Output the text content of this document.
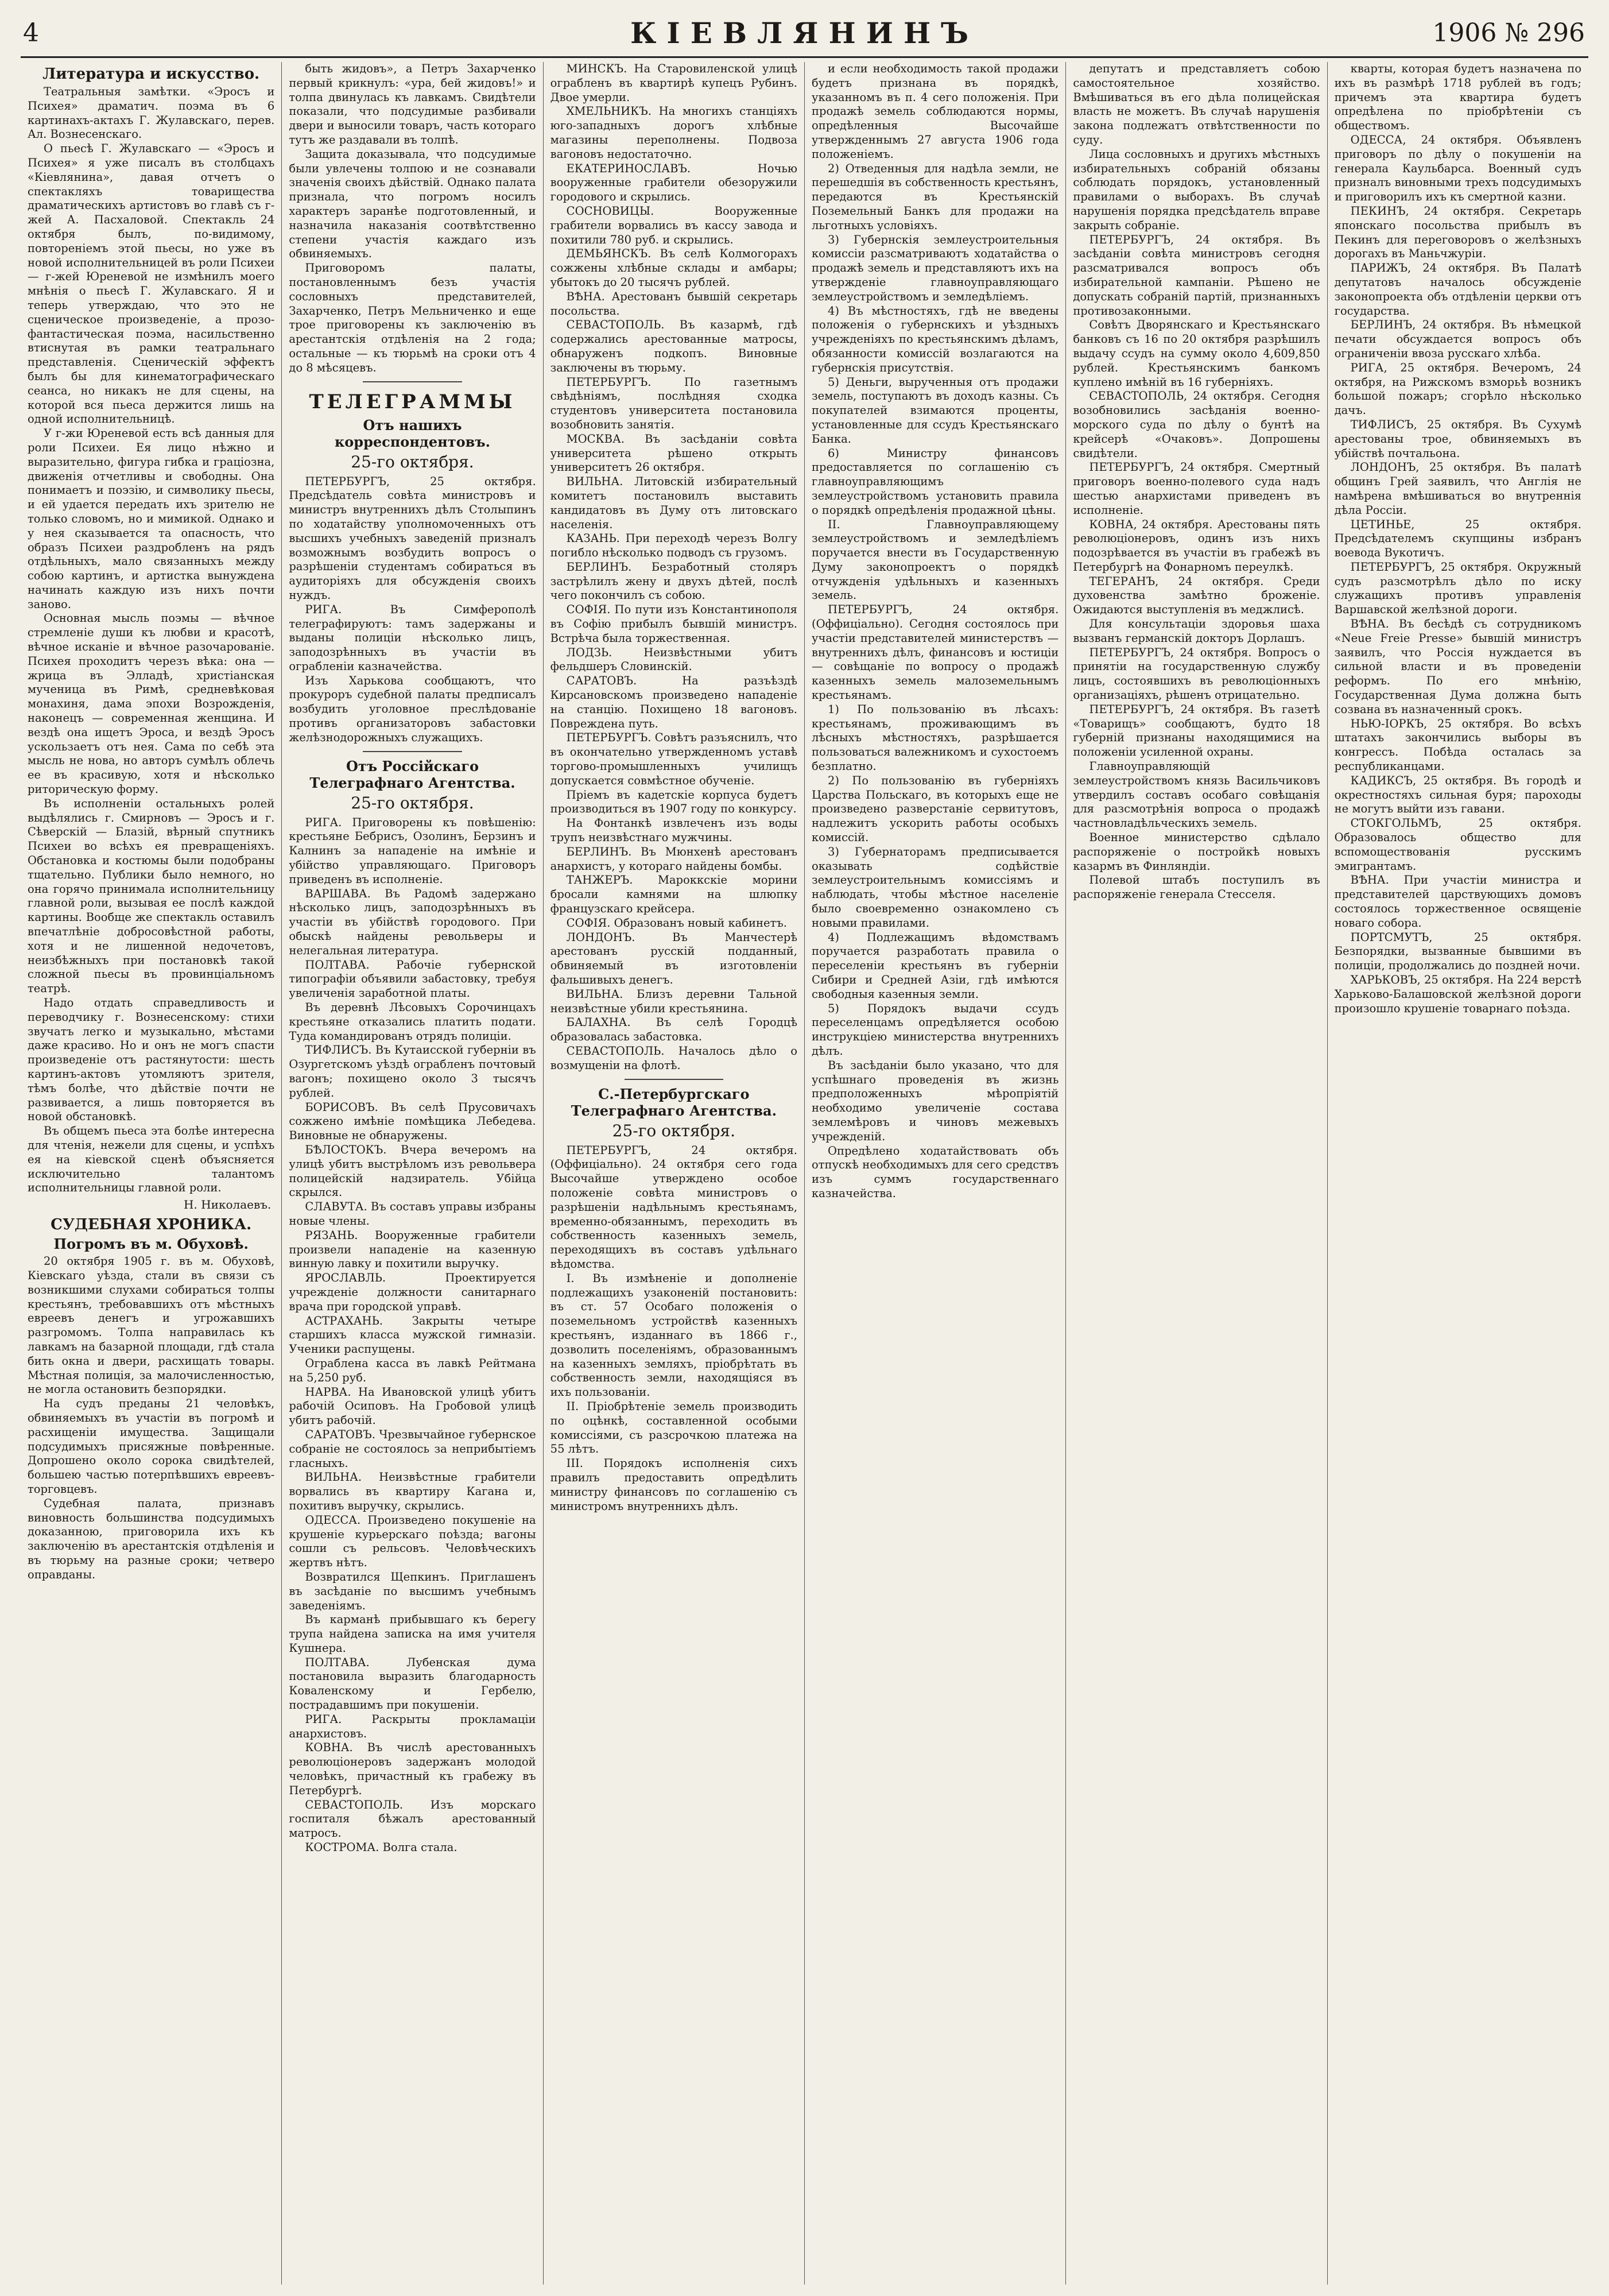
4	КІЕВЛЯНИНЪ	1906 № 296
Литература и искусство.

Театральныя замѣтки. «Эросъ и Психея» драматич. поэма въ 6 картинахъ-актахъ Г. Жулавскаго, перев. Ал. Вознесенскаго.

О пьесѣ Г. Жулавскаго — «Эросъ и Психея» я уже писалъ въ столбцахъ «Кіевлянина», давая отчетъ о спектакляхъ товарищества драматическихъ артистовъ во главѣ съ г-жей А. Пасхаловой. Спектакль 24 октября былъ, по-видимому, повтореніемъ этой пьесы, но уже въ новой исполнительницей въ роли Психеи — г-жей Юреневой не измѣнилъ моего мнѣнія о пьесѣ Г. Жулавскаго. Я и теперь утверждаю, что это не сценическое произведеніе, а прозо-фантастическая поэма, насильственно втиснутая въ рамки театральнаго представленія. Сценическій эффектъ былъ бы для кинематографическаго сеанса, но никакъ не для сцены, на которой вся пьеса держится лишь на одной исполнительницѣ.

У г-жи Юреневой есть всѣ данныя для роли Психеи. Ея лицо нѣжно и выразительно, фигура гибка и граціозна, движенія отчетливы и свободны. Она понимаетъ и поэзію, и символику пьесы, и ей удается передать ихъ зрителю не только словомъ, но и мимикой. Однако и у нея сказывается та опасность, что образъ Психеи раздробленъ на рядъ отдѣльныхъ, мало связанныхъ между собою картинъ, и артистка вынуждена начинать каждую изъ нихъ почти заново.

Основная мысль поэмы — вѣчное стремленіе души къ любви и красотѣ, вѣчное исканіе и вѣчное разочарованіе. Психея проходитъ черезъ вѣка: она — жрица въ Элладѣ, христіанская мученица въ Римѣ, средневѣковая монахиня, дама эпохи Возрожденія, наконецъ — современная женщина. И вездѣ она ищетъ Эроса, и вездѣ Эросъ ускользаетъ отъ нея. Сама по себѣ эта мысль не нова, но авторъ сумѣлъ облечь ее въ красивую, хотя и нѣсколько риторическую форму.

Въ исполненіи остальныхъ ролей выдѣлялись г. Смирновъ — Эросъ и г. Сѣверскій — Блазій, вѣрный спутникъ Психеи во всѣхъ ея превращеніяхъ. Обстановка и костюмы были подобраны тщательно. Публики было немного, но она горячо принимала исполнительницу главной роли, вызывая ее послѣ каждой картины. Вообще же спектакль оставилъ впечатлѣніе добросовѣстной работы, хотя и не лишенной недочетовъ, неизбѣжныхъ при постановкѣ такой сложной пьесы въ провинціальномъ театрѣ.

Надо отдать справедливость и переводчику г. Вознесенскому: стихи звучатъ легко и музыкально, мѣстами даже красиво. Но и онъ не могъ спасти произведеніе отъ растянутости: шесть картинъ-актовъ утомляютъ зрителя, тѣмъ болѣе, что дѣйствіе почти не развивается, а лишь повторяется въ новой обстановкѣ.

Въ общемъ пьеса эта болѣе интересна для чтенія, нежели для сцены, и успѣхъ ея на кіевской сценѣ объясняется исключительно талантомъ исполнительницы главной роли.

Н. Николаевъ.
СУДЕБНАЯ ХРОНИКА.
Погромъ въ м. Обуховѣ.

20 октября 1905 г. въ м. Обуховѣ, Кіевскаго уѣзда, стали въ связи съ возникшими слухами собираться толпы крестьянъ, требовавшихъ отъ мѣстныхъ евреевъ денегъ и угрожавшихъ разгромомъ. Толпа направилась къ лавкамъ на базарной площади, гдѣ стала бить окна и двери, расхищать товары. Мѣстная полиція, за малочисленностью, не могла остановить безпорядки.

На судъ преданы 21 человѣкъ, обвиняемыхъ въ участіи въ погромѣ и расхищеніи имущества. Защищали подсудимыхъ присяжные повѣренные. Допрошено около сорока свидѣтелей, большею частью потерпѣвшихъ евреевъ-торговцевъ.

Судебная палата, признавъ виновность большинства подсудимыхъ доказанною, приговорила ихъ къ заключенію въ арестантскія отдѣленія и въ тюрьму на разные сроки; четверо оправданы.

быть жидовъ», а Петръ Захарченко первый крикнулъ: «ура, бей жидовъ!» и толпа двинулась къ лавкамъ. Свидѣтели показали, что подсудимые разбивали двери и выносили товаръ, часть котораго тутъ же раздавали въ толпѣ.

Защита доказывала, что подсудимые были увлечены толпою и не сознавали значенія своихъ дѣйствій. Однако палата признала, что погромъ носилъ характеръ заранѣе подготовленный, и назначила наказанія соотвѣтственно степени участія каждаго изъ обвиняемыхъ.

Приговоромъ палаты, постановленнымъ безъ участія сословныхъ представителей, Захарченко, Петръ Мельниченко и еще трое приговорены къ заключенію въ арестантскія отдѣленія на 2 года; остальные — къ тюрьмѣ на сроки отъ 4 до 8 мѣсяцевъ.

ТЕЛЕГРАММЫ
Отъ нашихъ корреспондентовъ.
25-го октября.

ПЕТЕРБУРГЪ, 25 октября. Предсѣдатель совѣта министровъ и министръ внутреннихъ дѣлъ Столыпинъ по ходатайству уполномоченныхъ отъ высшихъ учебныхъ заведеній призналъ возможнымъ возбудить вопросъ о разрѣшеніи студентамъ собираться въ аудиторіяхъ для обсужденія своихъ нуждъ.

РИГА. Въ Симферополѣ телеграфируютъ: тамъ задержаны и выданы полиціи нѣсколько лицъ, заподозрѣнныхъ въ участіи въ ограбленіи казначейства.

Изъ Харькова сообщаютъ, что прокуроръ судебной палаты предписалъ возбудить уголовное преслѣдованіе противъ организаторовъ забастовки желѣзнодорожныхъ служащихъ.

Отъ Россійскаго Телеграфнаго Агентства.
25-го октября.

РИГА. Приговорены къ повѣшенію: крестьяне Бебрисъ, Озолинъ, Берзинъ и Калнинъ за нападеніе на имѣніе и убійство управляющаго. Приговоръ приведенъ въ исполненіе.

ВАРШАВА. Въ Радомѣ задержано нѣсколько лицъ, заподозрѣнныхъ въ участіи въ убійствѣ городового. При обыскѣ найдены револьверы и нелегальная литература.

ПОЛТАВА. Рабочіе губернской типографіи объявили забастовку, требуя увеличенія заработной платы.

Въ деревнѣ Лѣсовыхъ Сорочинцахъ крестьяне отказались платить подати. Туда командированъ отрядъ полиціи.

ТИФЛИСЪ. Въ Кутаисской губерніи въ Озургетскомъ уѣздѣ ограбленъ почтовый вагонъ; похищено около 3 тысячъ рублей.

БОРИСОВЪ. Въ селѣ Прусовичахъ сожжено имѣніе помѣщика Лебедева. Виновные не обнаружены.

БѢЛОСТОКЪ. Вчера вечеромъ на улицѣ убитъ выстрѣломъ изъ револьвера полицейскій надзиратель. Убійца скрылся.

СЛАВУТА. Въ составъ управы избраны новые члены.

РЯЗАНЬ. Вооруженные грабители произвели нападеніе на казенную винную лавку и похитили выручку.

ЯРОСЛАВЛЬ. Проектируется учрежденіе должности санитарнаго врача при городской управѣ.

АСТРАХАНЬ. Закрыты четыре старшихъ класса мужской гимназіи. Ученики распущены.

Ограблена касса въ лавкѣ Рейтмана на 5,250 руб.

НАРВА. На Ивановской улицѣ убитъ рабочій Осиповъ. На Гробовой улицѣ убитъ рабочій.

САРАТОВЪ. Чрезвычайное губернское собраніе не состоялось за неприбытіемъ гласныхъ.

ВИЛЬНА. Неизвѣстные грабители ворвались въ квартиру Кагана и, похитивъ выручку, скрылись.

ОДЕССА. Произведено покушеніе на крушеніе курьерскаго поѣзда; вагоны сошли съ рельсовъ. Человѣческихъ жертвъ нѣтъ.

Возвратился Щепкинъ. Приглашенъ въ засѣданіе по высшимъ учебнымъ заведеніямъ.

Въ карманѣ прибывшаго къ берегу трупа найдена записка на имя учителя Кушнера.

ПОЛТАВА. Лубенская дума постановила выразить благодарность Коваленскому и Гербелю, пострадавшимъ при покушеніи.

РИГА. Раскрыты прокламаціи анархистовъ.

КОВНА. Въ числѣ арестованныхъ революціонеровъ задержанъ молодой человѣкъ, причастный къ грабежу въ Петербургѣ.

СЕВАСТОПОЛЬ. Изъ морскаго госпиталя бѣжалъ арестованный матросъ.

КОСТРОМА. Волга стала.

МИНСКЪ. На Старовиленской улицѣ ограбленъ въ квартирѣ купецъ Рубинъ. Двое умерли.

ХМЕЛЬНИКЪ. На многихъ станціяхъ юго-западныхъ дорогъ хлѣбные магазины переполнены. Подвоза вагоновъ недостаточно.

ЕКАТЕРИНОСЛАВЪ. Ночью вооруженные грабители обезоружили городового и скрылись.

СОСНОВИЦЫ. Вооруженные грабители ворвались въ кассу завода и похитили 780 руб. и скрылись.

ДЕМЬЯНСКЪ. Въ селѣ Колмогорахъ сожжены хлѣбные склады и амбары; убытокъ до 20 тысячъ рублей.

ВѢНА. Арестованъ бывшій секретарь посольства.

СЕВАСТОПОЛЬ. Въ казармѣ, гдѣ содержались арестованные матросы, обнаруженъ подкопъ. Виновные заключены въ тюрьму.

ПЕТЕРБУРГЪ. По газетнымъ свѣдѣніямъ, послѣдняя сходка студентовъ университета постановила возобновить занятія.

МОСКВА. Въ засѣданіи совѣта университета рѣшено открыть университетъ 26 октября.

ВИЛЬНА. Литовскій избирательный комитетъ постановилъ выставить кандидатовъ въ Думу отъ литовскаго населенія.

КАЗАНЬ. При переходѣ черезъ Волгу погибло нѣсколько подводъ съ грузомъ.

БЕРЛИНЪ. Безработный столяръ застрѣлилъ жену и двухъ дѣтей, послѣ чего покончилъ съ собою.

СОФІЯ. По пути изъ Константинополя въ Софію прибылъ бывшій министръ. Встрѣча была торжественная.

ЛОДЗЬ. Неизвѣстными убитъ фельдшеръ Словинскій.

САРАТОВЪ. На разъѣздѣ Кирсановскомъ произведено нападеніе на станцію. Похищено 18 вагоновъ. Повреждена путь.

ПЕТЕРБУРГЪ. Совѣтъ разъяснилъ, что въ окончательно утвержденномъ уставѣ торгово-промышленныхъ училищъ допускается совмѣстное обученіе.

Пріемъ въ кадетскіе корпуса будетъ производиться въ 1907 году по конкурсу.

На Фонтанкѣ извлеченъ изъ воды трупъ неизвѣстнаго мужчины.

БЕРЛИНЪ. Въ Мюнхенѣ арестованъ анархистъ, у котораго найдены бомбы.

ТАНЖЕРЪ. Мароккскіе морини бросали камнями на шлюпку французскаго крейсера.

СОФІЯ. Образованъ новый кабинетъ.

ЛОНДОНЪ. Въ Манчестерѣ арестованъ русскій подданный, обвиняемый въ изготовленіи фальшивыхъ денегъ.

ВИЛЬНА. Близъ деревни Тальной неизвѣстные убили крестьянина.

БАЛАХНА. Въ селѣ Городцѣ образовалась забастовка.

СЕВАСТОПОЛЬ. Началось дѣло о возмущеніи на флотѣ.

С.-Петербургскаго Телеграфнаго Агентства.
25-го октября.

ПЕТЕРБУРГЪ, 24 октября. (Оффиціально). 24 октября сего года Высочайше утверждено особое положеніе совѣта министровъ о разрѣшеніи надѣльнымъ крестьянамъ, временно-обязаннымъ, переходить въ собственность казенныхъ земель, переходящихъ въ составъ удѣльнаго вѣдомства.

I. Въ измѣненіе и дополненіе подлежащихъ узаконеній постановить: въ ст. 57 Особаго положенія о поземельномъ устройствѣ казенныхъ крестьянъ, изданнаго въ 1866 г., дозволить поселеніямъ, образованнымъ на казенныхъ земляхъ, пріобрѣтать въ собственность земли, находящіяся въ ихъ пользованіи.

II. Пріобрѣтеніе земель производить по оцѣнкѣ, составленной особыми комиссіями, съ разсрочкою платежа на 55 лѣтъ.

III. Порядокъ исполненія сихъ правилъ предоставить опредѣлить министру финансовъ по соглашенію съ министромъ внутреннихъ дѣлъ.

и если необходимость такой продажи будетъ признана въ порядкѣ, указанномъ въ п. 4 сего положенія. При продажѣ земель соблюдаются нормы, опредѣленныя Высочайше утвержденнымъ 27 августа 1906 года положеніемъ.

2) Отведенныя для надѣла земли, не перешедшія въ собственность крестьянъ, передаются въ Крестьянскій Поземельный Банкъ для продажи на льготныхъ условіяхъ.

3) Губернскія землеустроительныя комиссіи разсматриваютъ ходатайства о продажѣ земель и представляютъ ихъ на утвержденіе главноуправляющаго землеустройствомъ и земледѣліемъ.

4) Въ мѣстностяхъ, гдѣ не введены положенія о губернскихъ и уѣздныхъ учрежденіяхъ по крестьянскимъ дѣламъ, обязанности комиссій возлагаются на губернскія присутствія.

5) Деньги, вырученныя отъ продажи земель, поступаютъ въ доходъ казны. Съ покупателей взимаются проценты, установленные для ссудъ Крестьянскаго Банка.

6) Министру финансовъ предоставляется по соглашенію съ главноуправляющимъ землеустройствомъ установить правила о порядкѣ опредѣленія продажной цѣны.

II. Главноуправляющему землеустройствомъ и земледѣліемъ поручается внести въ Государственную Думу законопроектъ о порядкѣ отчужденія удѣльныхъ и казенныхъ земель.

ПЕТЕРБУРГЪ, 24 октября. (Оффиціально). Сегодня состоялось при участіи представителей министерствъ — внутреннихъ дѣлъ, финансовъ и юстиціи — совѣщаніе по вопросу о продажѣ казенныхъ земель малоземельнымъ крестьянамъ.

1) По пользованію въ лѣсахъ: крестьянамъ, проживающимъ въ лѣсныхъ мѣстностяхъ, разрѣшается пользоваться валежникомъ и сухостоемъ безплатно.

2) По пользованію въ губерніяхъ Царства Польскаго, въ которыхъ еще не произведено разверстаніе сервитутовъ, надлежитъ ускорить работы особыхъ комиссій.

3) Губернаторамъ предписывается оказывать содѣйствіе землеустроительнымъ комиссіямъ и наблюдать, чтобы мѣстное населеніе было своевременно ознакомлено съ новыми правилами.

4) Подлежащимъ вѣдомствамъ поручается разработать правила о переселеніи крестьянъ въ губерніи Сибири и Средней Азіи, гдѣ имѣются свободныя казенныя земли.

5) Порядокъ выдачи ссудъ переселенцамъ опредѣляется особою инструкціею министерства внутреннихъ дѣлъ.

Въ засѣданіи было указано, что для успѣшнаго проведенія въ жизнь предположенныхъ мѣропріятій необходимо увеличеніе состава землемѣровъ и чиновъ межевыхъ учрежденій.

Опредѣлено ходатайствовать объ отпускѣ необходимыхъ для сего средствъ изъ суммъ государственнаго казначейства.

депутатъ и представляетъ собою самостоятельное хозяйство. Вмѣшиваться въ его дѣла полицейская власть не можетъ. Въ случаѣ нарушенія закона подлежатъ отвѣтственности по суду.

Лица сословныхъ и другихъ мѣстныхъ избирательныхъ собраній обязаны соблюдать порядокъ, установленный правилами о выборахъ. Въ случаѣ нарушенія порядка предсѣдатель вправе закрыть собраніе.

ПЕТЕРБУРГЪ, 24 октября. Въ засѣданіи совѣта министровъ сегодня разсматривался вопросъ объ избирательной кампаніи. Рѣшено не допускать собраній партій, признанныхъ противозаконными.

Совѣтъ Дворянскаго и Крестьянскаго банковъ съ 16 по 20 октября разрѣшилъ выдачу ссудъ на сумму около 4,609,850 рублей. Крестьянскимъ банкомъ куплено имѣній въ 16 губерніяхъ.

СЕВАСТОПОЛЬ, 24 октября. Сегодня возобновились засѣданія военно-морского суда по дѣлу о бунтѣ на крейсерѣ «Очаковъ». Допрошены свидѣтели.

ПЕТЕРБУРГЪ, 24 октября. Смертный приговоръ военно-полевого суда надъ шестью анархистами приведенъ въ исполненіе.

КОВНА, 24 октября. Арестованы пять революціонеровъ, одинъ изъ нихъ подозрѣвается въ участіи въ грабежѣ въ Петербургѣ на Фонарномъ переулкѣ.

ТЕГЕРАНЪ, 24 октября. Среди духовенства замѣтно броженіе. Ожидаются выступленія въ меджлисѣ.

Для консультаціи здоровья шаха вызванъ германскій докторъ Дорлашъ.

ПЕТЕРБУРГЪ, 24 октября. Вопросъ о принятіи на государственную службу лицъ, состоявшихъ въ революціонныхъ организаціяхъ, рѣшенъ отрицательно.

ПЕТЕРБУРГЪ, 24 октября. Въ газетѣ «Товарищъ» сообщаютъ, будто 18 губерній признаны находящимися на положеніи усиленной охраны.

Главноуправляющій землеустройствомъ князь Васильчиковъ утвердилъ составъ особаго совѣщанія для разсмотрѣнія вопроса о продажѣ частновладѣльческихъ земель.

Военное министерство сдѣлало распоряженіе о постройкѣ новыхъ казармъ въ Финляндіи.

Полевой штабъ поступилъ въ распоряженіе генерала Стесселя.

кварты, которая будетъ назначена по ихъ въ размѣрѣ 1718 рублей въ годъ; причемъ эта квартира будетъ опредѣлена по пріобрѣтеніи съ обществомъ.

ОДЕССА, 24 октября. Объявленъ приговоръ по дѣлу о покушеніи на генерала Каульбарса. Военный судъ призналъ виновными трехъ подсудимыхъ и приговорилъ ихъ къ смертной казни.

ПЕКИНЪ, 24 октября. Секретарь японскаго посольства прибылъ въ Пекинъ для переговоровъ о желѣзныхъ дорогахъ въ Маньчжуріи.

ПАРИЖЪ, 24 октября. Въ Палатѣ депутатовъ началось обсужденіе законопроекта объ отдѣленіи церкви отъ государства.

БЕРЛИНЪ, 24 октября. Въ нѣмецкой печати обсуждается вопросъ объ ограниченіи ввоза русскаго хлѣба.

РИГА, 25 октября. Вечеромъ, 24 октября, на Рижскомъ взморьѣ возникъ большой пожаръ; сгорѣло нѣсколько дачъ.

ТИФЛИСЪ, 25 октября. Въ Сухумѣ арестованы трое, обвиняемыхъ въ убійствѣ почтальона.

ЛОНДОНЪ, 25 октября. Въ палатѣ общинъ Грей заявилъ, что Англія не намѣрена вмѣшиваться во внутреннія дѣла Россіи.

ЦЕТИНЬЕ, 25 октября. Предсѣдателемъ скупщины избранъ воевода Вукотичъ.

ПЕТЕРБУРГЪ, 25 октября. Окружный судъ разсмотрѣлъ дѣло по иску служащихъ противъ управленія Варшавской желѣзной дороги.

ВѢНА. Въ бесѣдѣ съ сотрудникомъ «Neue Freie Presse» бывшій министръ заявилъ, что Россія нуждается въ сильной власти и въ проведеніи реформъ. По его мнѣнію, Государственная Дума должна быть созвана въ назначенный срокъ.

НЬЮ-ІОРКЪ, 25 октября. Во всѣхъ штатахъ закончились выборы въ конгрессъ. Побѣда осталась за республиканцами.

КАДИКСЪ, 25 октября. Въ городѣ и окрестностяхъ сильная буря; пароходы не могутъ выйти изъ гавани.

СТОКГОЛЬМЪ, 25 октября. Образовалось общество для вспомоществованія русскимъ эмигрантамъ.

ВѢНА. При участіи министра и представителей царствующихъ домовъ состоялось торжественное освященіе новаго собора.

ПОРТСМУТЪ, 25 октября. Безпорядки, вызванные бывшими въ полиціи, продолжались до поздней ночи.

ХАРЬКОВЪ, 25 октября. На 224 верстѣ Харьково-Балашовской желѣзной дороги произошло крушеніе товарнаго поѣзда.
